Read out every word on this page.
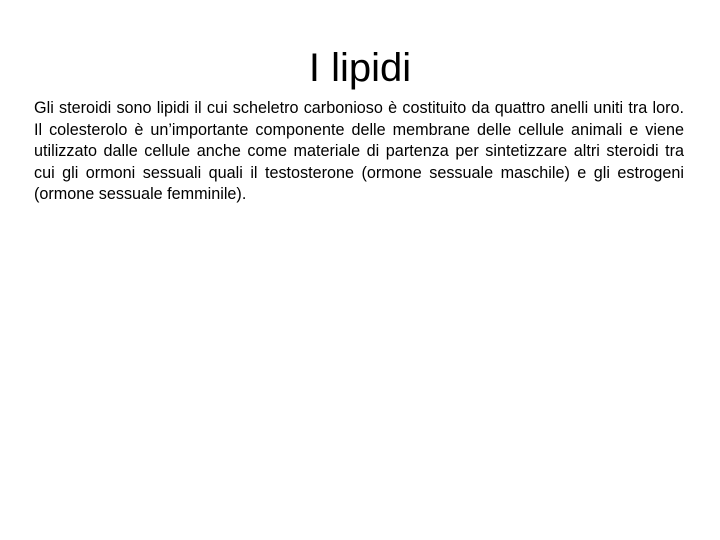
I lipidi

Gli steroidi sono lipidi il cui scheletro carbonioso è costituito da quattro anelli uniti tra loro. Il colesterolo è un’importante componente delle membrane delle cellule animali e viene utilizzato dalle cellule anche come materiale di partenza per sintetizzare altri steroidi tra cui gli ormoni sessuali quali il testosterone (ormone sessuale maschile) e gli estrogeni (ormone sessuale femminile).
